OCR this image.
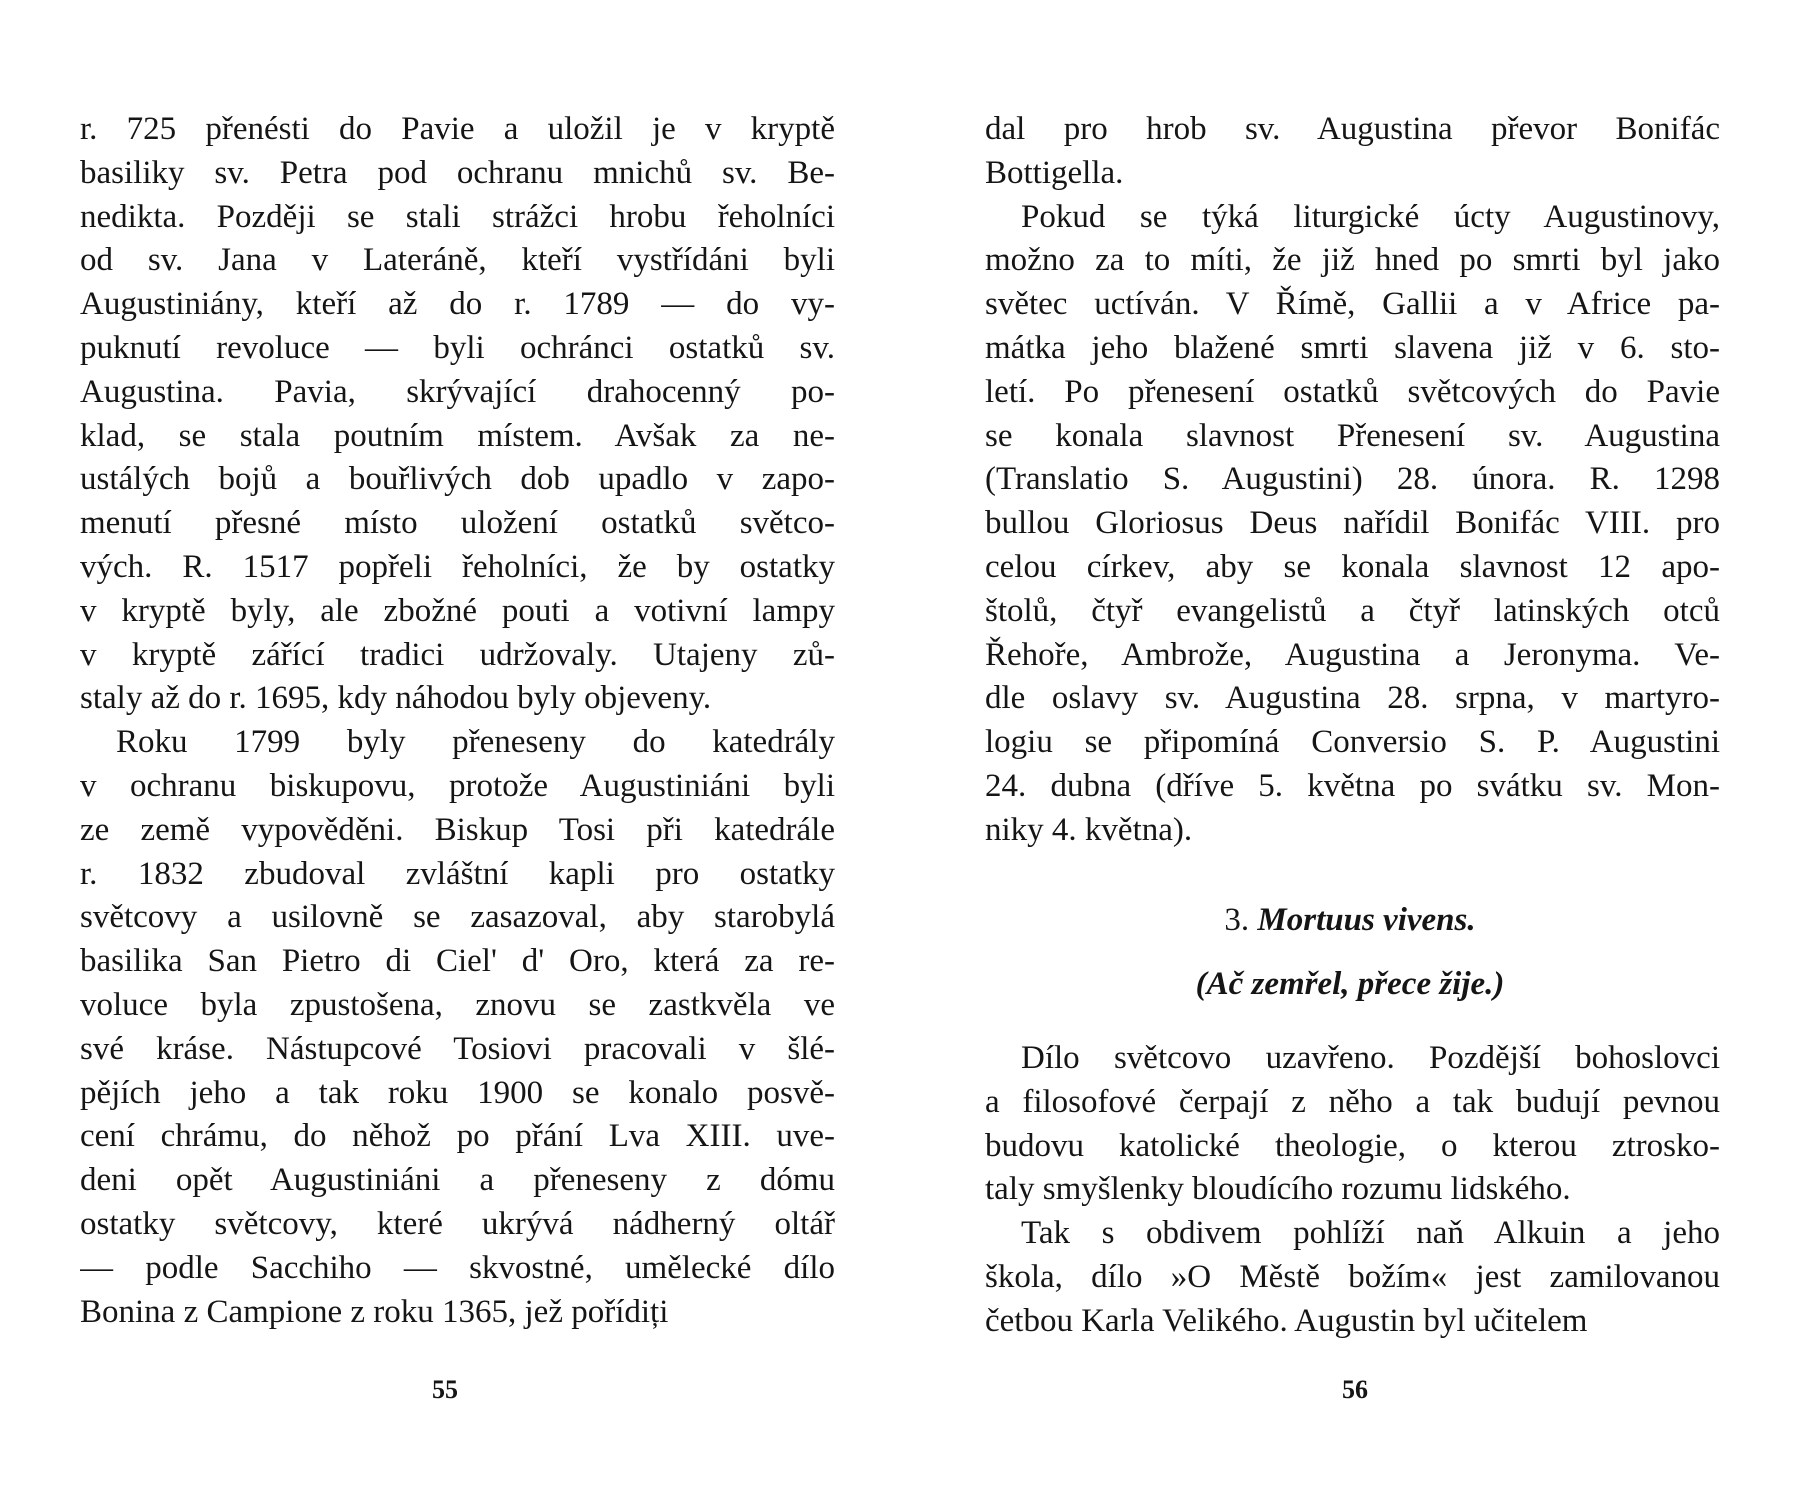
r. 725 přenésti do Pavie a uložil je v kryptě
basiliky sv. Petra pod ochranu mnichů sv. Be-
nedikta. Později se stali strážci hrobu řeholníci
od sv. Jana v Lateráně, kteří vystřídáni byli
Augustiniány, kteří až do r. 1789 — do vy-
puknutí revoluce — byli ochránci ostatků sv.
Augustina. Pavia, skrývající drahocenný po-
klad, se stala poutním místem. Avšak za ne-
ustálých bojů a bouřlivých dob upadlo v zapo-
menutí přesné místo uložení ostatků světco-
vých. R. 1517 popřeli řeholníci, že by ostatky
v kryptě byly, ale zbožné pouti a votivní lampy
v kryptě zářící tradici udržovaly. Utajeny zů-
staly až do r. 1695, kdy náhodou byly objeveny.
Roku 1799 byly přeneseny do katedrály
v ochranu biskupovu, protože Augustiniáni byli
ze země vypověděni. Biskup Tosi při katedrále
r. 1832 zbudoval zvláštní kapli pro ostatky
světcovy a usilovně se zasazoval, aby starobylá
basilika San Pietro di Ciel' d' Oro, která za re-
voluce byla zpustošena, znovu se zastkvěla ve
své kráse. Nástupcové Tosiovi pracovali v šlé-
pějích jeho a tak roku 1900 se konalo posvě-
cení chrámu, do něhož po přání Lva XIII. uve-
deni opět Augustiniáni a přeneseny z dómu
ostatky světcovy, které ukrývá nádherný oltář
— podle Sacchiho — skvostné, umělecké dílo
Bonina z Campione z roku 1365, jež pořídiți
55
dal pro hrob sv. Augustina převor Bonifác
Bottigella.
Pokud se týká liturgické úcty Augustinovy,
možno za to míti, že již hned po smrti byl jako
světec uctíván. V Římě, Gallii a v Africe pa-
mátka jeho blažené smrti slavena již v 6. sto-
letí. Po přenesení ostatků světcových do Pavie
se konala slavnost Přenesení sv. Augustina
(Translatio S. Augustini) 28. února. R. 1298
bullou Gloriosus Deus nařídil Bonifác VIII. pro
celou církev, aby se konala slavnost 12 apo-
štolů, čtyř evangelistů a čtyř latinských otců
Řehoře, Ambrože, Augustina a Jeronyma. Ve-
dle oslavy sv. Augustina 28. srpna, v martyro-
logiu se připomíná Conversio S. P. Augustini
24. dubna (dříve 5. května po svátku sv. Mon-
niky 4. května).
3. Mortuus vivens.
(Ač zemřel, přece žije.)
Dílo světcovo uzavřeno. Pozdější bohoslovci
a filosofové čerpají z něho a tak budují pevnou
budovu katolické theologie, o kterou ztrosko-
taly smyšlenky bloudícího rozumu lidského.
Tak s obdivem pohlíží naň Alkuin a jeho
škola, dílo »O Městě božím« jest zamilovanou
četbou Karla Velikého. Augustin byl učitelem
56
